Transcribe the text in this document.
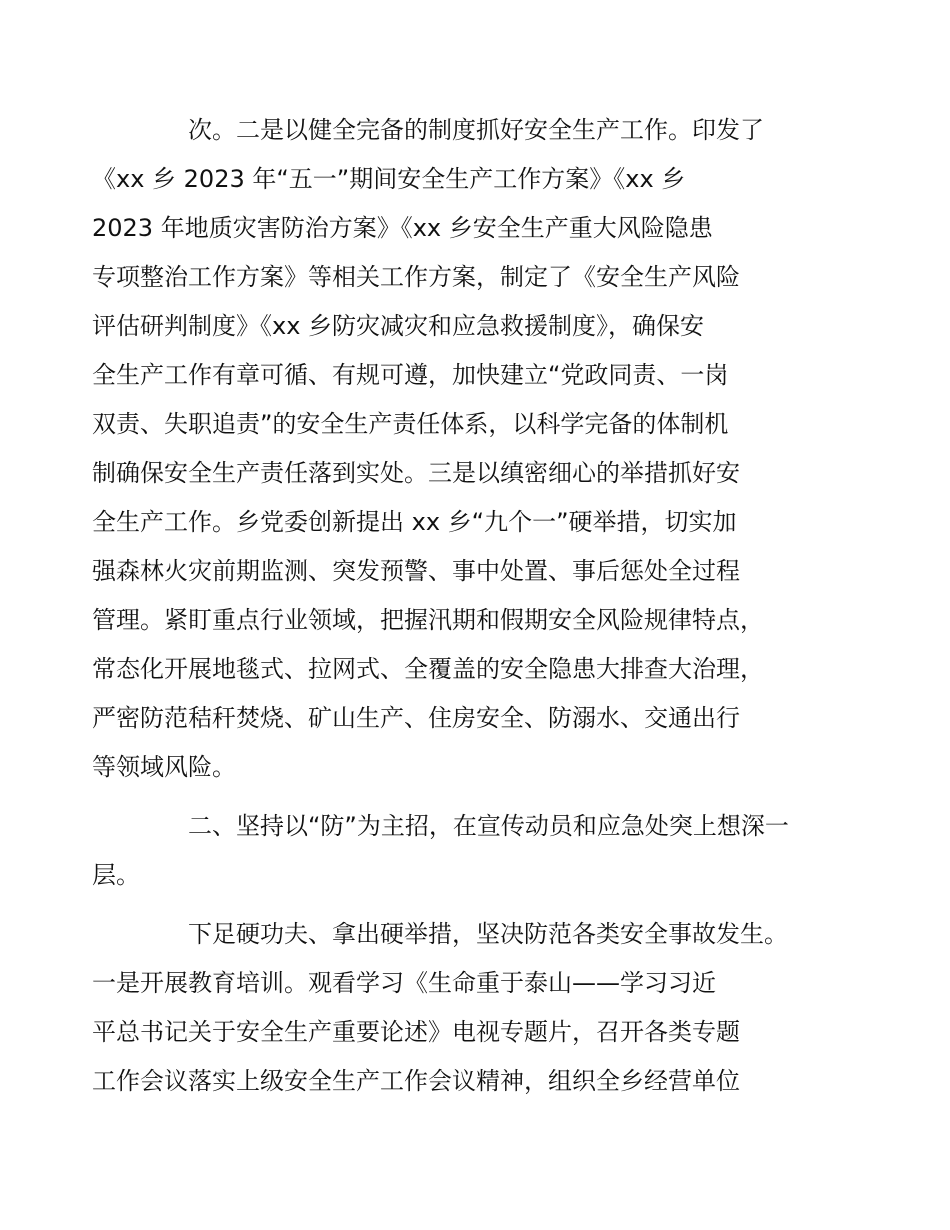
次。二是以健全完备的制度抓好安全生产工作。印发了
《xx 乡 2023 年“五一”期间安全生产工作方案》《xx 乡
2023 年地质灾害防治方案》《xx 乡安全生产重大风险隐患
专项整治工作方案》等相关工作方案，制定了《安全生产风险
评估研判制度》《xx 乡防灾减灾和应急救援制度》，确保安
全生产工作有章可循、有规可遵，加快建立“党政同责、一岗
双责、失职追责”的安全生产责任体系，以科学完备的体制机
制确保安全生产责任落到实处。三是以缜密细心的举措抓好安
全生产工作。乡党委创新提出 xx 乡“九个一”硬举措，切实加
强森林火灾前期监测、突发预警、事中处置、事后惩处全过程
管理。紧盯重点行业领域，把握汛期和假期安全风险规律特点，
常态化开展地毯式、拉网式、全覆盖的安全隐患大排查大治理，
严密防范秸秆焚烧、矿山生产、住房安全、防溺水、交通出行
等领域风险。
二、坚持以“防”为主招，在宣传动员和应急处突上想深一
层。
下足硬功夫、拿出硬举措，坚决防范各类安全事故发生。
一是开展教育培训。观看学习《生命重于泰山——学习习近
平总书记关于安全生产重要论述》电视专题片，召开各类专题
工作会议落实上级安全生产工作会议精神，组织全乡经营单位
